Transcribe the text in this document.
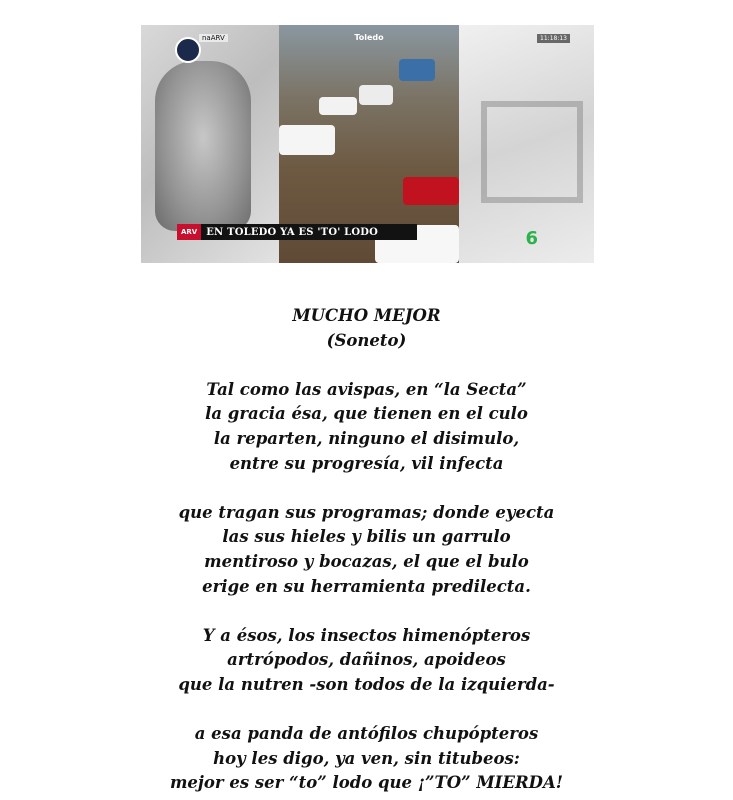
naARV	Toledo	11:18:13
6
ARV EN TOLEDO YA ES 'TO' LODO
MUCHO MEJOR
(Soneto)
Tal como las avispas, en “la Secta”
la gracia ésa, que tienen en el culo
la reparten, ninguno el disimulo,
entre su progresía, vil infecta
que tragan sus programas; donde eyecta
las sus hieles y bilis un garrulo
mentiroso y bocazas, el que el bulo
erige en su herramienta predilecta.
Y a ésos, los insectos himenópteros
artrópodos, dañinos, apoideos
que la nutren -son todos de la izquierda-
a esa panda de antófilos chupópteros
hoy les digo, ya ven, sin titubeos:
mejor es ser “to” lodo que ¡”TO” MIERDA!
